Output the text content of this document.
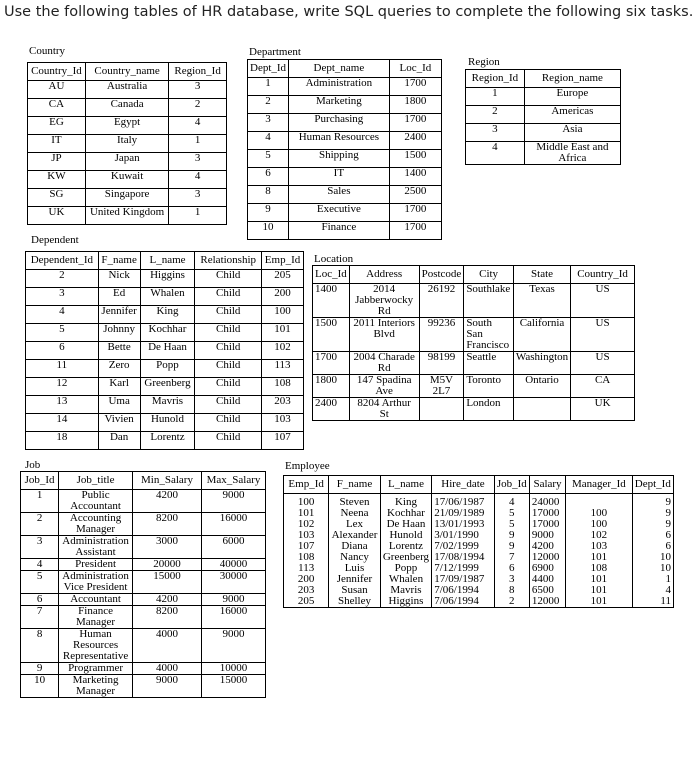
Use the following tables of HR database, write SQL queries to complete the following six tasks.
Country
Country_Id	Country_name	Region_Id
AU	Australia	3
CA	Canada	2
EG	Egypt	4
IT	Italy	1
JP	Japan	3
KW	Kuwait	4
SG	Singapore	3
UK	United Kingdom	1
Department
Dept_Id	Dept_name	Loc_Id
1	Administration	1700
2	Marketing	1800
3	Purchasing	1700
4	Human Resources	2400
5	Shipping	1500
6	IT	1400
8	Sales	2500
9	Executive	1700
10	Finance	1700
Region
Region_Id	Region_name
1	Europe
2	Americas
3	Asia
4	Middle East and Africa
Dependent
Dependent_Id	F_name	L_name	Relationship	Emp_Id
2	Nick	Higgins	Child	205
3	Ed	Whalen	Child	200
4	Jennifer	King	Child	100
5	Johnny	Kochhar	Child	101
6	Bette	De Haan	Child	102
11	Zero	Popp	Child	113
12	Karl	Greenberg	Child	108
13	Uma	Mavris	Child	203
14	Vivien	Hunold	Child	103
18	Dan	Lorentz	Child	107
Location
Loc_Id	Address	Postcode	City	State	Country_Id
1400	2014 Jabberwocky Rd	26192	Southlake	Texas	US
1500	2011 Interiors Blvd	99236	South San Francisco	California	US
1700	2004 Charade Rd	98199	Seattle	Washington	US
1800	147 Spadina Ave	M5V 2L7	Toronto	Ontario	CA
2400	8204 Arthur St		London		UK
Job
Job_Id	Job_title	Min_Salary	Max_Salary
1	Public Accountant	4200	9000
2	Accounting Manager	8200	16000
3	Administration Assistant	3000	6000
4	President	20000	40000
5	Administration Vice President	15000	30000
6	Accountant	4200	9000
7	Finance Manager	8200	16000
8	Human Resources Representative	4000	9000
9	Programmer	4000	10000
10	Marketing Manager	9000	15000
Employee
Emp_Id	F_name	L_name	Hire_date	Job_Id	Salary	Manager_Id	Dept_Id
100	Steven	King	17/06/1987	4	24000		9
101	Neena	Kochhar	21/09/1989	5	17000	100	9
102	Lex	De Haan	13/01/1993	5	17000	100	9
103	Alexander	Hunold	3/01/1990	9	9000	102	6
107	Diana	Lorentz	7/02/1999	9	4200	103	6
108	Nancy	Greenberg	17/08/1994	7	12000	101	10
113	Luis	Popp	7/12/1999	6	6900	108	10
200	Jennifer	Whalen	17/09/1987	3	4400	101	1
203	Susan	Mavris	7/06/1994	8	6500	101	4
205	Shelley	Higgins	7/06/1994	2	12000	101	11
